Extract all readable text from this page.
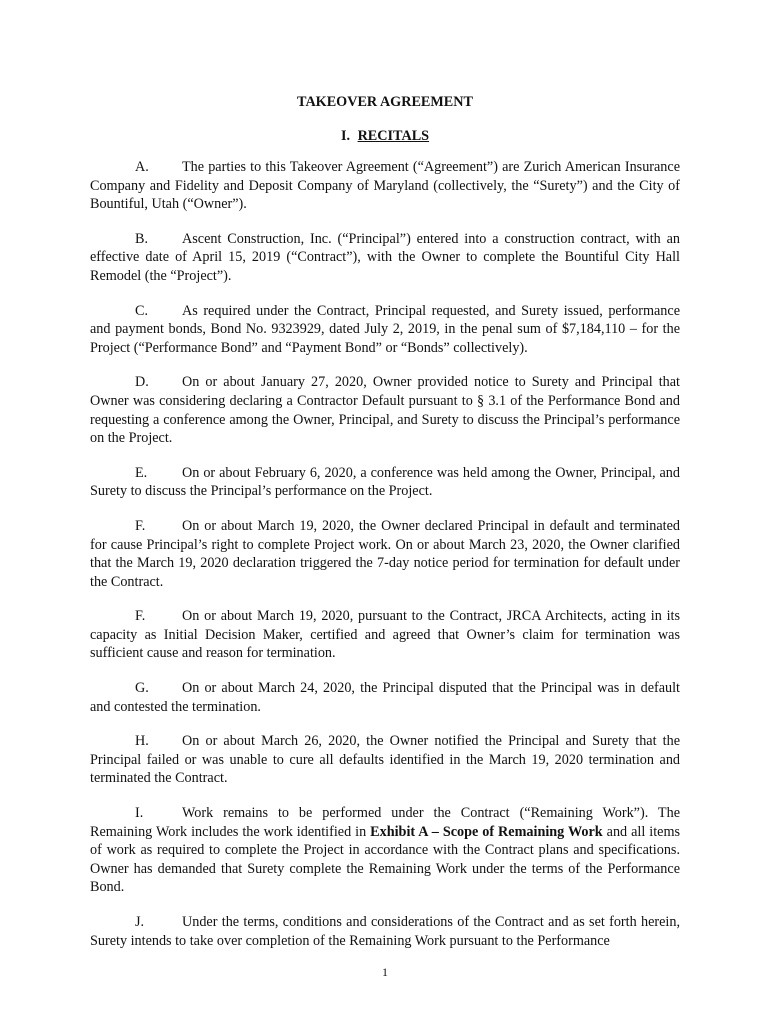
TAKEOVER AGREEMENT
I. RECITALS

A. The parties to this Takeover Agreement (“Agreement”) are Zurich American Insurance Company and Fidelity and Deposit Company of Maryland (collectively, the “Surety”) and the City of Bountiful, Utah (“Owner”).

B. Ascent Construction, Inc. (“Principal”) entered into a construction contract, with an effective date of April 15, 2019 (“Contract”), with the Owner to complete the Bountiful City Hall Remodel (the “Project”).

C. As required under the Contract, Principal requested, and Surety issued, performance and payment bonds, Bond No. 9323929, dated July 2, 2019, in the penal sum of $7,184,110 – for the Project (“Performance Bond” and “Payment Bond” or “Bonds” collectively).

D. On or about January 27, 2020, Owner provided notice to Surety and Principal that Owner was considering declaring a Contractor Default pursuant to § 3.1 of the Performance Bond and requesting a conference among the Owner, Principal, and Surety to discuss the Principal’s performance on the Project.

E. On or about February 6, 2020, a conference was held among the Owner, Principal, and Surety to discuss the Principal’s performance on the Project.

F.	On or about March 19, 2020, the Owner declared Principal in default and terminated for cause Principal’s right to complete Project work. On or about March 23, 2020, the Owner clarified that the March 19, 2020 declaration triggered the 7-day notice period for termination for default under the Contract.

F.	On or about March 19, 2020, pursuant to the Contract, JRCA Architects, acting in its capacity as Initial Decision Maker, certified and agreed that Owner’s claim for termination was sufficient cause and reason for termination.

G. On or about March 24, 2020, the Principal disputed that the Principal was in default and contested the termination.

H. On or about March 26, 2020, the Owner notified the Principal and Surety that the Principal failed or was unable to cure all defaults identified in the March 19, 2020 termination and terminated the Contract.

I.	Work remains to be performed under the Contract (“Remaining Work”). The Remaining Work includes the work identified in Exhibit A – Scope of Remaining Work and all items of work as required to complete the Project in accordance with the Contract plans and specifications. Owner has demanded that Surety complete the Remaining Work under the terms of the Performance Bond.

J.	Under the terms, conditions and considerations of the Contract and as set forth herein, Surety intends to take over completion of the Remaining Work pursuant to the Performance

1
